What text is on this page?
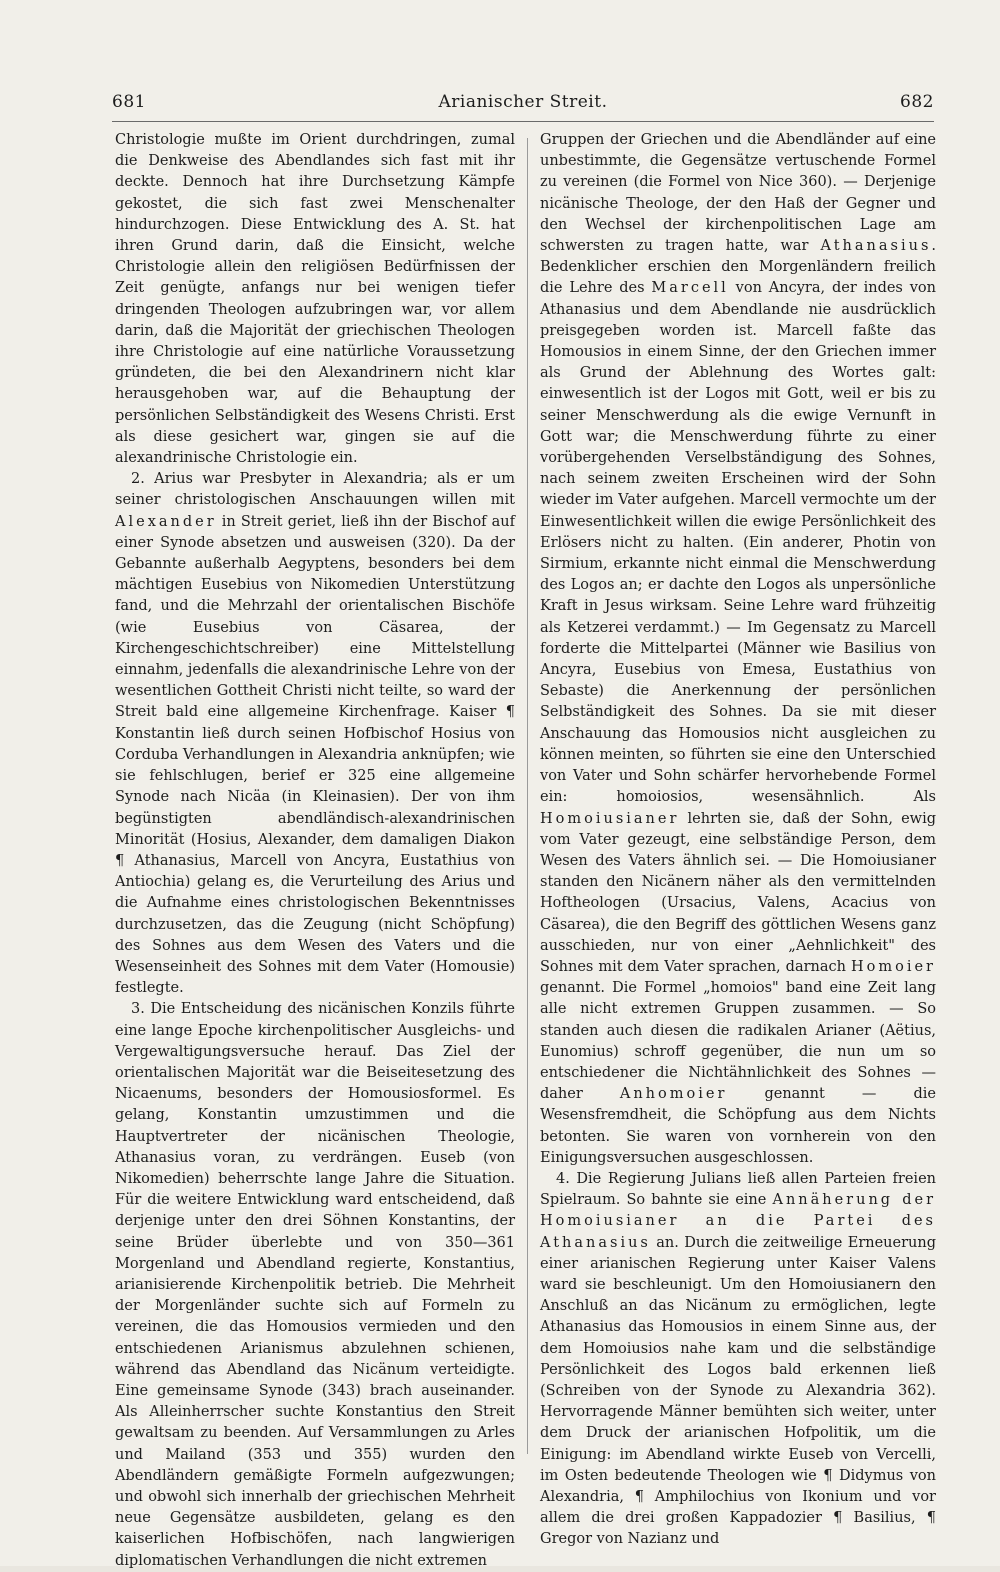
681	Arianischer Streit.	682

Christologie mußte im Orient durchdringen, zumal die Denkweise des Abendlandes sich fast mit ihr deckte. Dennoch hat ihre Durchsetzung Kämpfe gekostet, die sich fast zwei Menschenalter hindurchzogen. Diese Entwicklung des A. St. hat ihren Grund darin, daß die Einsicht, welche Christologie allein den religiösen Bedürfnissen der Zeit genügte, anfangs nur bei wenigen tiefer dringenden Theologen aufzubringen war, vor allem darin, daß die Majorität der griechischen Theologen ihre Christologie auf eine natürliche Voraussetzung gründeten, die bei den Alexandrinern nicht klar herausgehoben war, auf die Behauptung der persönlichen Selbständigkeit des Wesens Christi. Erst als diese gesichert war, gingen sie auf die alexandrinische Christologie ein.

2. Arius war Presbyter in Alexandria; als er um seiner christologischen Anschauungen willen mit Alexander in Streit geriet, ließ ihn der Bischof auf einer Synode absetzen und ausweisen (320). Da der Gebannte außerhalb Aegyptens, besonders bei dem mächtigen Eusebius von Nikomedien Unterstützung fand, und die Mehrzahl der orientalischen Bischöfe (wie Eusebius von Cäsarea, der Kirchengeschichtschreiber) eine Mittelstellung einnahm, jedenfalls die alexandrinische Lehre von der wesentlichen Gottheit Christi nicht teilte, so ward der Streit bald eine allgemeine Kirchenfrage. Kaiser ¶ Konstantin ließ durch seinen Hofbischof Hosius von Corduba Verhandlungen in Alexandria anknüpfen; wie sie fehlschlugen, berief er 325 eine allgemeine Synode nach Nicäa (in Kleinasien). Der von ihm begünstigten abendländisch-alexandrinischen Minorität (Hosius, Alexander, dem damaligen Diakon ¶ Athanasius, Marcell von Ancyra, Eustathius von Antiochia) gelang es, die Verurteilung des Arius und die Aufnahme eines christologischen Bekenntnisses durchzusetzen, das die Zeugung (nicht Schöpfung) des Sohnes aus dem Wesen des Vaters und die Wesenseinheit des Sohnes mit dem Vater (Homousie) festlegte.

3. Die Entscheidung des nicänischen Konzils führte eine lange Epoche kirchenpolitischer Ausgleichs- und Vergewaltigungsversuche herauf. Das Ziel der orientalischen Majorität war die Beiseitesetzung des Nicaenums, besonders der Homousiosformel. Es gelang, Konstantin umzustimmen und die Hauptvertreter der nicänischen Theologie, Athanasius voran, zu verdrängen. Euseb (von Nikomedien) beherrschte lange Jahre die Situation. Für die weitere Entwicklung ward entscheidend, daß derjenige unter den drei Söhnen Konstantins, der seine Brüder überlebte und von 350—361 Morgenland und Abendland regierte, Konstantius, arianisierende Kirchenpolitik betrieb. Die Mehrheit der Morgenländer suchte sich auf Formeln zu vereinen, die das Homousios vermieden und den entschiedenen Arianismus abzulehnen schienen, während das Abendland das Nicänum verteidigte. Eine gemeinsame Synode (343) brach auseinander. Als Alleinherrscher suchte Konstantius den Streit gewaltsam zu beenden. Auf Versammlungen zu Arles und Mailand (353 und 355) wurden den Abendländern gemäßigte Formeln aufgezwungen; und obwohl sich innerhalb der griechischen Mehrheit neue Gegensätze ausbildeten, gelang es den kaiserlichen Hofbischöfen, nach langwierigen diplomatischen Verhandlungen die nicht extremen

Gruppen der Griechen und die Abendländer auf eine unbestimmte, die Gegensätze vertuschende Formel zu vereinen (die Formel von Nice 360). — Derjenige nicänische Theologe, der den Haß der Gegner und den Wechsel der kirchenpolitischen Lage am schwersten zu tragen hatte, war Athanasius. Bedenklicher erschien den Morgenländern freilich die Lehre des Marcell von Ancyra, der indes von Athanasius und dem Abendlande nie ausdrücklich preisgegeben worden ist. Marcell faßte das Homousios in einem Sinne, der den Griechen immer als Grund der Ablehnung des Wortes galt: einwesentlich ist der Logos mit Gott, weil er bis zu seiner Menschwerdung als die ewige Vernunft in Gott war; die Menschwerdung führte zu einer vorübergehenden Verselbständigung des Sohnes, nach seinem zweiten Erscheinen wird der Sohn wieder im Vater aufgehen. Marcell vermochte um der Einwesentlichkeit willen die ewige Persönlichkeit des Erlösers nicht zu halten. (Ein anderer, Photin von Sirmium, erkannte nicht einmal die Menschwerdung des Logos an; er dachte den Logos als unpersönliche Kraft in Jesus wirksam. Seine Lehre ward frühzeitig als Ketzerei verdammt.) — Im Gegensatz zu Marcell forderte die Mittelpartei (Männer wie Basilius von Ancyra, Eusebius von Emesa, Eustathius von Sebaste) die Anerkennung der persönlichen Selbständigkeit des Sohnes. Da sie mit dieser Anschauung das Homousios nicht ausgleichen zu können meinten, so führten sie eine den Unterschied von Vater und Sohn schärfer hervorhebende Formel ein: homoiosios, wesensähnlich. Als Homoiusianer lehrten sie, daß der Sohn, ewig vom Vater gezeugt, eine selbständige Person, dem Wesen des Vaters ähnlich sei. — Die Homoiusianer standen den Nicänern näher als den vermittelnden Hoftheologen (Ursacius, Valens, Acacius von Cäsarea), die den Begriff des göttlichen Wesens ganz ausschieden, nur von einer „Aehnlichkeit" des Sohnes mit dem Vater sprachen, darnach Homoier genannt. Die Formel „homoios" band eine Zeit lang alle nicht extremen Gruppen zusammen. — So standen auch diesen die radikalen Arianer (Aëtius, Eunomius) schroff gegenüber, die nun um so entschiedener die Nichtähnlichkeit des Sohnes — daher Anhomoier genannt — die Wesensfremdheit, die Schöpfung aus dem Nichts betonten. Sie waren von vornherein von den Einigungsversuchen ausgeschlossen.

4. Die Regierung Julians ließ allen Parteien freien Spielraum. So bahnte sie eine Annäherung der Homoiusianer an die Partei des Athanasius an. Durch die zeitweilige Erneuerung einer arianischen Regierung unter Kaiser Valens ward sie beschleunigt. Um den Homoiusianern den Anschluß an das Nicänum zu ermöglichen, legte Athanasius das Homousios in einem Sinne aus, der dem Homoiusios nahe kam und die selbständige Persönlichkeit des Logos bald erkennen ließ (Schreiben von der Synode zu Alexandria 362). Hervorragende Männer bemühten sich weiter, unter dem Druck der arianischen Hofpolitik, um die Einigung: im Abendland wirkte Euseb von Vercelli, im Osten bedeutende Theologen wie ¶ Didymus von Alexandria, ¶ Amphilochius von Ikonium und vor allem die drei großen Kappadozier ¶ Basilius, ¶ Gregor von Nazianz und
